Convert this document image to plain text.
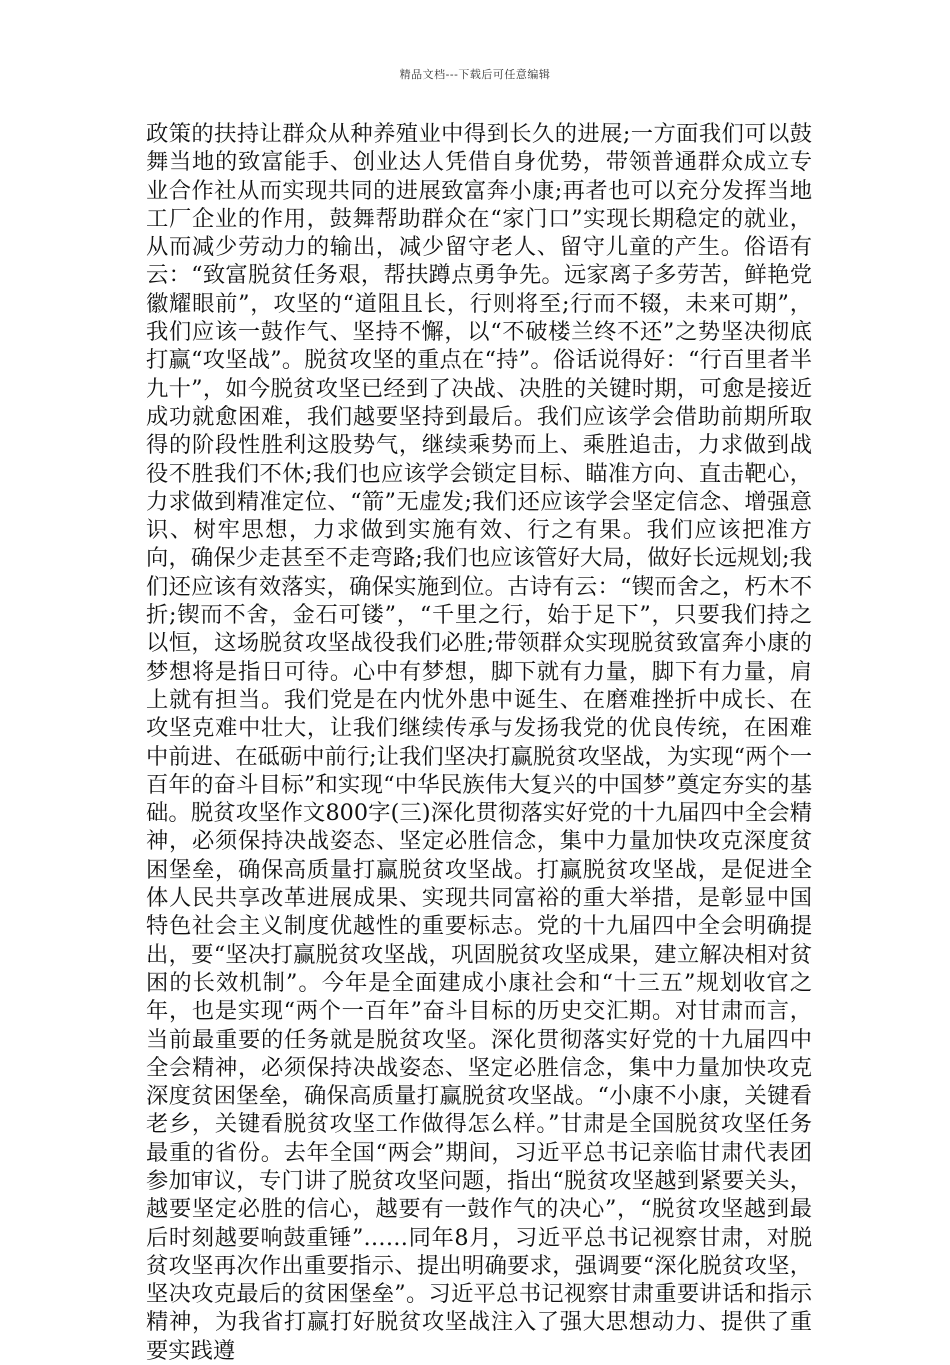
精品文档---下载后可任意编辑

政策的扶持让群众从种养殖业中得到长久的进展;一方面我们可以鼓舞当地的致富能手、创业达人凭借自身优势，带领普通群众成立专业合作社从而实现共同的进展致富奔小康;再者也可以充分发挥当地工厂企业的作用，鼓舞帮助群众在“家门口”实现长期稳定的就业，从而减少劳动力的输出，减少留守老人、留守儿童的产生。俗语有云：“致富脱贫任务艰，帮扶蹲点勇争先。远家离子多劳苦，鲜艳党徽耀眼前”，攻坚的“道阻且长，行则将至;行而不辍，未来可期”，我们应该一鼓作气、坚持不懈，以“不破楼兰终不还”之势坚决彻底打赢“攻坚战”。脱贫攻坚的重点在“持”。俗话说得好：“行百里者半九十”，如今脱贫攻坚已经到了决战、决胜的关键时期，可愈是接近成功就愈困难，我们越要坚持到最后。我们应该学会借助前期所取得的阶段性胜利这股势气，继续乘势而上、乘胜追击，力求做到战役不胜我们不休;我们也应该学会锁定目标、瞄准方向、直击靶心，力求做到精准定位、“箭”无虚发;我们还应该学会坚定信念、增强意识、树牢思想，力求做到实施有效、行之有果。我们应该把准方向，确保少走甚至不走弯路;我们也应该管好大局，做好长远规划;我们还应该有效落实，确保实施到位。古诗有云：“锲而舍之，朽木不折;锲而不舍，金石可镂”，“千里之行，始于足下”，只要我们持之以恒，这场脱贫攻坚战役我们必胜;带领群众实现脱贫致富奔小康的梦想将是指日可待。心中有梦想，脚下就有力量，脚下有力量，肩上就有担当。我们党是在内忧外患中诞生、在磨难挫折中成长、在攻坚克难中壮大，让我们继续传承与发扬我党的优良传统，在困难中前进、在砥砺中前行;让我们坚决打赢脱贫攻坚战，为实现“两个一百年的奋斗目标”和实现“中华民族伟大复兴的中国梦”奠定夯实的基础。脱贫攻坚作文800字(三)深化贯彻落实好党的十九届四中全会精神，必须保持决战姿态、坚定必胜信念，集中力量加快攻克深度贫困堡垒，确保高质量打赢脱贫攻坚战。打赢脱贫攻坚战，是促进全体人民共享改革进展成果、实现共同富裕的重大举措，是彰显中国特色社会主义制度优越性的重要标志。党的十九届四中全会明确提出，要“坚决打赢脱贫攻坚战，巩固脱贫攻坚成果，建立解决相对贫困的长效机制”。今年是全面建成小康社会和“十三五”规划收官之年，也是实现“两个一百年”奋斗目标的历史交汇期。对甘肃而言，当前最重要的任务就是脱贫攻坚。深化贯彻落实好党的十九届四中全会精神，必须保持决战姿态、坚定必胜信念，集中力量加快攻克深度贫困堡垒，确保高质量打赢脱贫攻坚战。“小康不小康，关键看老乡，关键看脱贫攻坚工作做得怎么样。”甘肃是全国脱贫攻坚任务最重的省份。去年全国“两会”期间，习近平总书记亲临甘肃代表团参加审议，专门讲了脱贫攻坚问题，指出“脱贫攻坚越到紧要关头，越要坚定必胜的信心，越要有一鼓作气的决心”，“脱贫攻坚越到最后时刻越要响鼓重锤”……同年8月，习近平总书记视察甘肃，对脱贫攻坚再次作出重要指示、提出明确要求，强调要“深化脱贫攻坚，坚决攻克最后的贫困堡垒”。习近平总书记视察甘肃重要讲话和指示精神，为我省打赢打好脱贫攻坚战注入了强大思想动力、提供了重要实践遵
